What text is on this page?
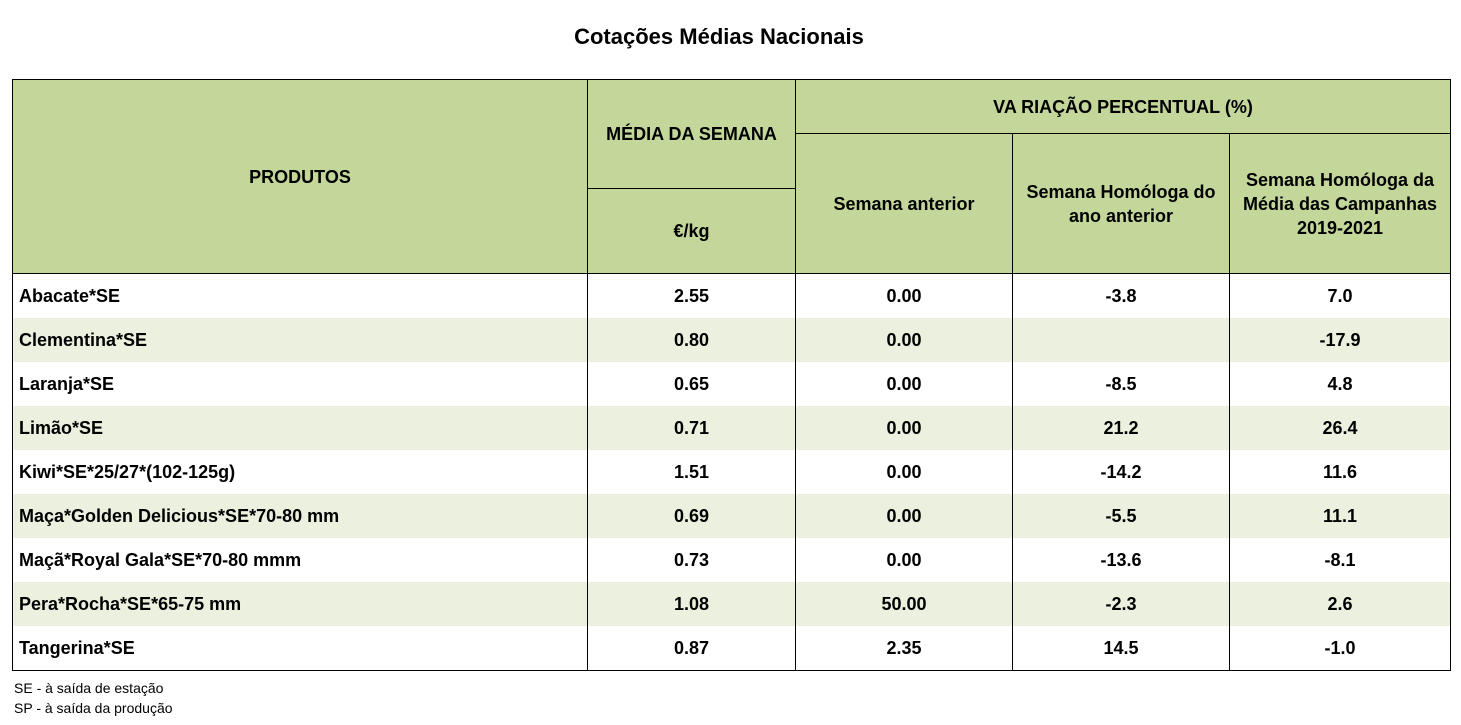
Cotações Médias Nacionais
PRODUTOS	MÉDIA DA SEMANA	VA RIAÇÃO PERCENTUAL (%)		
		Semana anterior	Semana Homóloga do ano anterior	Semana Homóloga da Média das Campanhas 2019-2021
	€/kg			
Abacate*SE	2.55	0.00	-3.8	7.0
Clementina*SE	0.80	0.00		-17.9
Laranja*SE	0.65	0.00	-8.5	4.8
Limão*SE	0.71	0.00	21.2	26.4
Kiwi*SE*25/27*(102-125g)	1.51	0.00	-14.2	11.6
Maça*Golden Delicious*SE*70-80 mm	0.69	0.00	-5.5	11.1
Maçã*Royal Gala*SE*70-80 mmm	0.73	0.00	-13.6	-8.1
Pera*Rocha*SE*65-75 mm	1.08	50.00	-2.3	2.6
Tangerina*SE	0.87	2.35	14.5	-1.0
SE - à saída de estação
SP - à saída da produção
